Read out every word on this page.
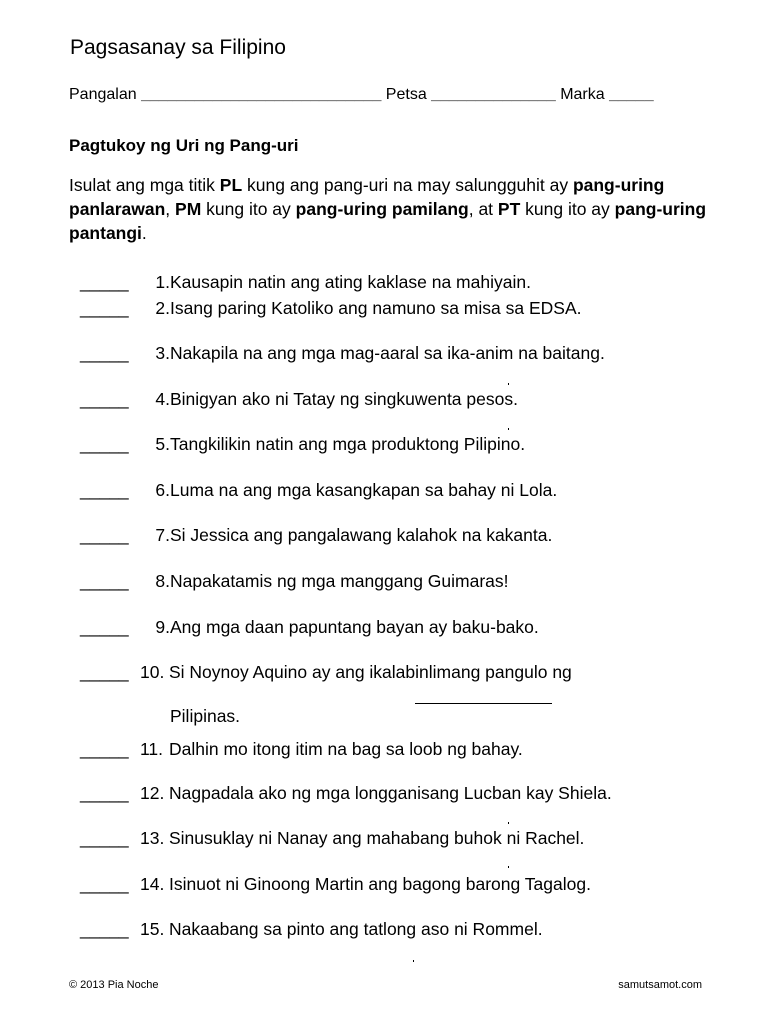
Pagsasanay sa Filipino
Pangalan ___________________________ Petsa ______________ Marka _____
Pagtukoy ng Uri ng Pang-uri
Isulat ang mga titik PL kung ang pang-uri na may salungguhit ay pang-uring panlarawan, PM kung ito ay pang-uring pamilang, at PT kung ito ay pang-uring pantangi.
_____ 1.Kausapin natin ang ating kaklase na mahiyain.
_____ 2.Isang paring Katoliko ang namuno sa misa sa EDSA.
_____ 3.Nakapila na ang mga mag-aaral sa ika-anim na baitang.
_____ 4.Binigyan ako ni Tatay ng singkuwenta pesos.
_____ 5.Tangkilikin natin ang mga produktong Pilipino.
_____ 6.Luma na ang mga kasangkapan sa bahay ni Lola.
_____ 7.Si Jessica ang pangalawang kalahok na kakanta.
_____ 8.Napakatamis ng mga manggang Guimaras!
_____ 9.Ang mga daan papuntang bayan ay baku-bako.
_____ 10. Si Noynoy Aquino ay ang ikalabinlimang pangulo ng
Pilipinas.
_____ 11. Dalhin mo itong itim na bag sa loob ng bahay.
_____ 12. Nagpadala ako ng mga longganisang Lucban kay Shiela.
_____ 13. Sinusuklay ni Nanay ang mahabang buhok ni Rachel.
_____ 14. Isinuot ni Ginoong Martin ang bagong barong Tagalog.
_____ 15. Nakaabang sa pinto ang tatlong aso ni Rommel.
© 2013 Pia Noche	samutsamot.com
